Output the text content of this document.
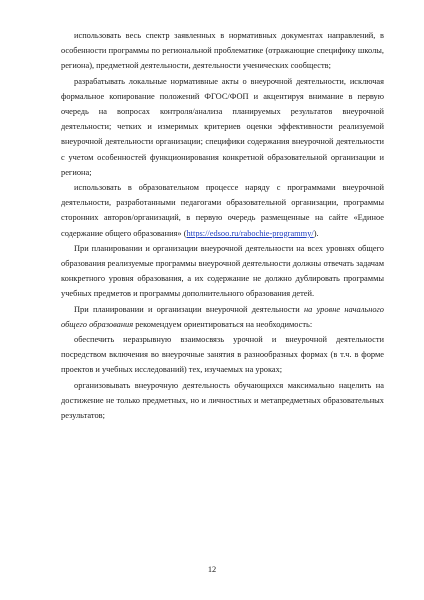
использовать весь спектр заявленных в нормативных документах направлений, в особенности программы по региональной проблематике (отражающие специфику школы, региона), предметной деятельности, деятельности ученических сообществ;

разрабатывать локальные нормативные акты о внеурочной деятельности, исключая формальное копирование положений ФГОС/ФОП и акцентируя внимание в первую очередь на вопросах контроля/анализа планируемых результатов внеурочной деятельности; четких и измеримых критериев оценки эффективности реализуемой внеурочной деятельности организации; специфики содержания внеурочной деятельности с учетом особенностей функционирования конкретной образовательной организации и региона;

использовать в образовательном процессе наряду с программами внеурочной деятельности, разработанными педагогами образовательной организации, программы сторонних авторов/организаций, в первую очередь размещенные на сайте «Единое содержание общего образования» (https://edsoo.ru/rabochie-programmy/).

При планировании и организации внеурочной деятельности на всех уровнях общего образования реализуемые программы внеурочной деятельности должны отвечать задачам конкретного уровня образования, а их содержание не должно дублировать программы учебных предметов и программы дополнительного образования детей.

При планировании и организации внеурочной деятельности на уровне начального общего образования рекомендуем ориентироваться на необходимость:

обеспечить неразрывную взаимосвязь урочной и внеурочной деятельности посредством включения во внеурочные занятия в разнообразных формах (в т.ч. в форме проектов и учебных исследований) тех, изучаемых на уроках;

организовывать внеурочную деятельность обучающихся максимально нацелить на достижение не только предметных, но и личностных и метапредметных образовательных результатов;

12
